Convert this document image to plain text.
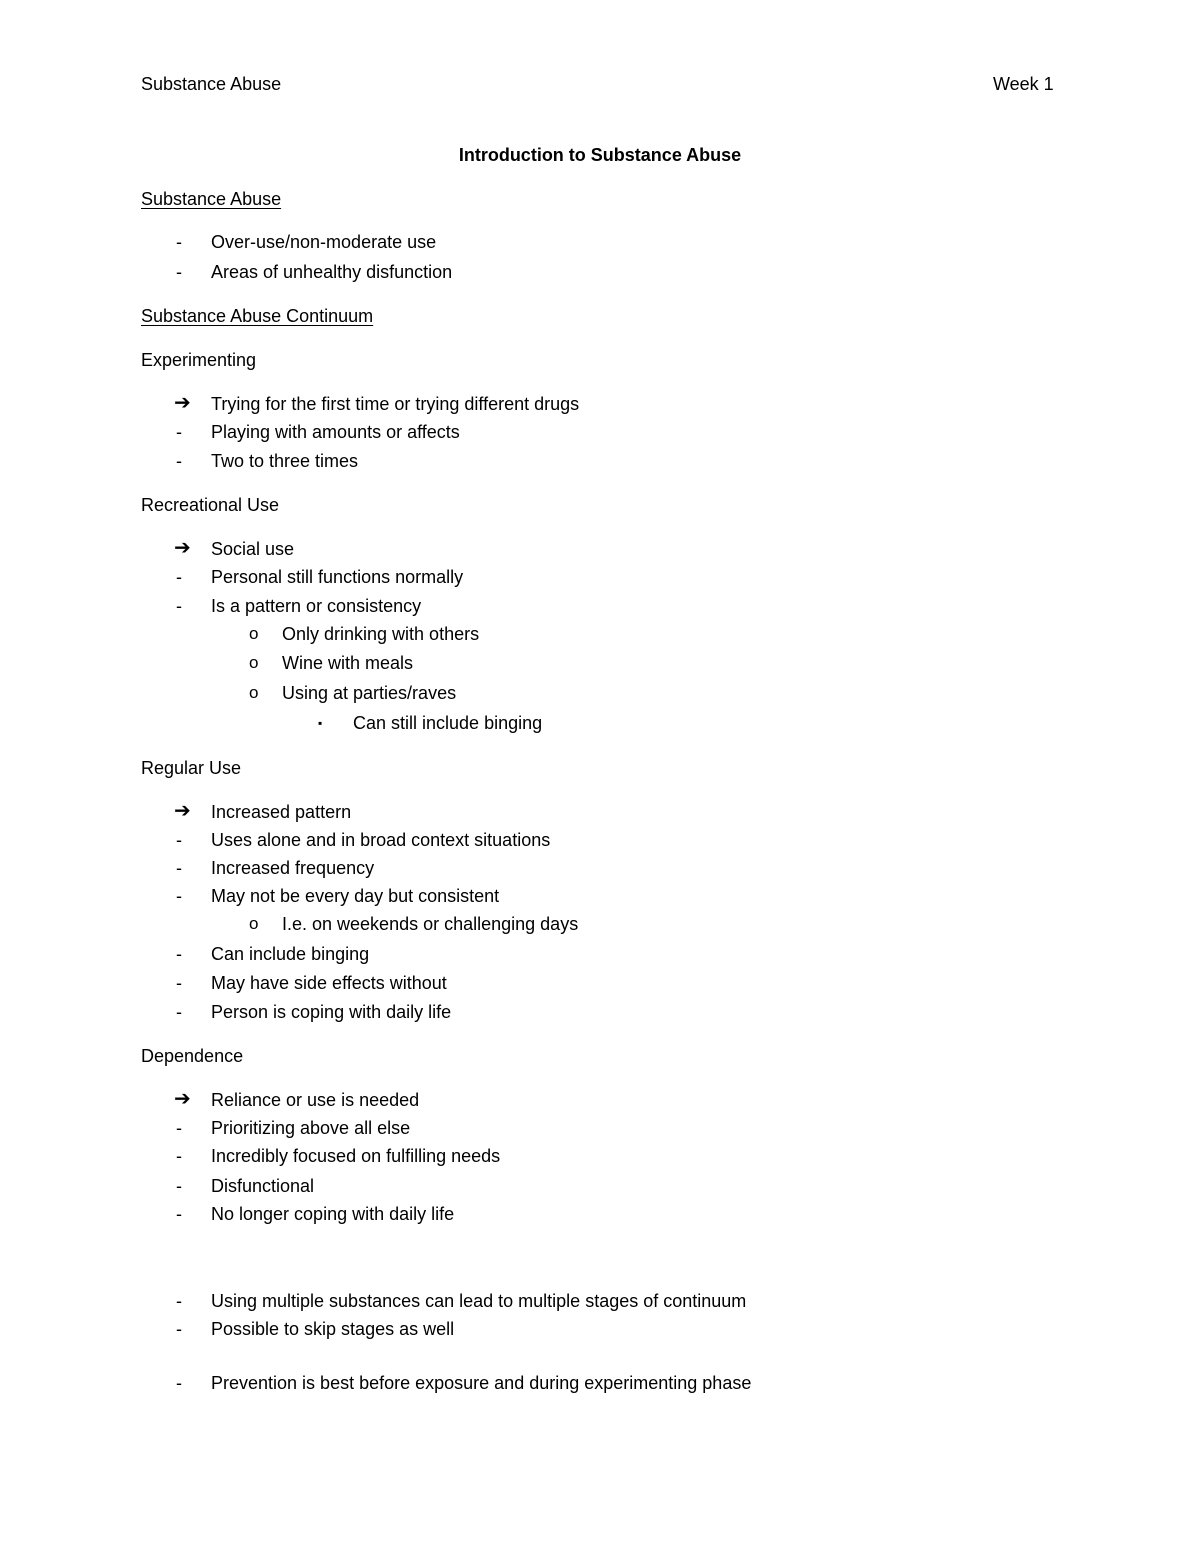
Substance Abuse	Week 1
Introduction to Substance Abuse
Substance Abuse
- Over-use/non-moderate use
- Areas of unhealthy disfunction
Substance Abuse Continuum
Experimenting
➔ Trying for the first time or trying different drugs
- Playing with amounts or affects
- Two to three times
Recreational Use
➔ Social use
- Personal still functions normally
- Is a pattern or consistency
o Only drinking with others
o Wine with meals
o Using at parties/raves
▪ Can still include binging
Regular Use
➔ Increased pattern
- Uses alone and in broad context situations
- Increased frequency
- May not be every day but consistent
o I.e. on weekends or challenging days
- Can include binging
- May have side effects without
- Person is coping with daily life
Dependence
➔ Reliance or use is needed
- Prioritizing above all else
- Incredibly focused on fulfilling needs
- Disfunctional
- No longer coping with daily life
- Using multiple substances can lead to multiple stages of continuum
- Possible to skip stages as well
- Prevention is best before exposure and during experimenting phase
